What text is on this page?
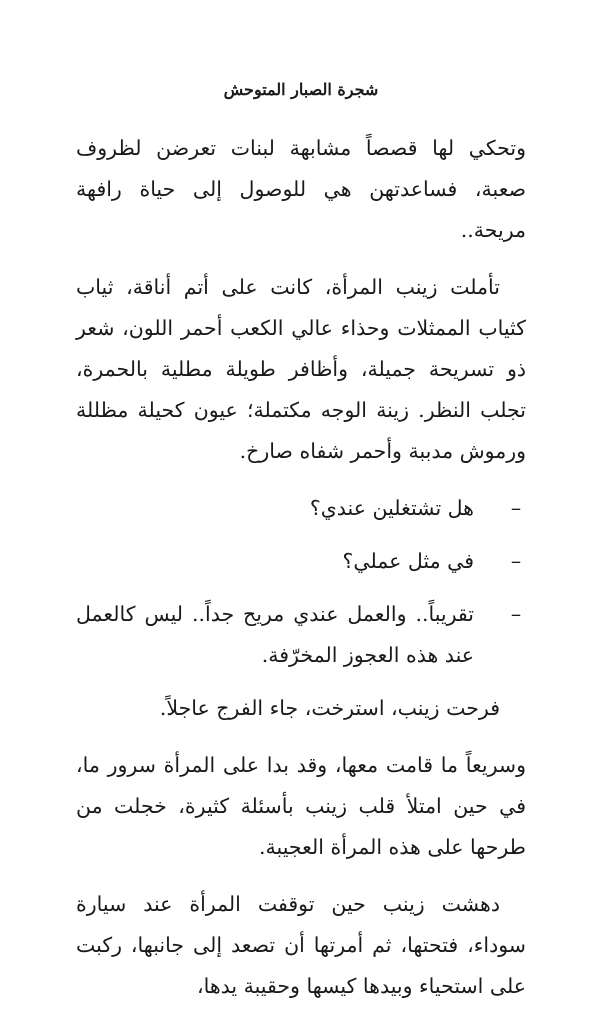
شجرة الصبار المتوحش

وتحكي لها قصصاً مشابهة لبنات تعرضن لظروف صعبة، فساعدتهن هي للوصول إلى حياة رافهة مريحة..

تأملت زينب المرأة، كانت على أتم أناقة، ثياب كثياب الممثلات وحذاء عالي الكعب أحمر اللون، شعر ذو تسريحة جميلة، وأظافر طويلة مطلية بالحمرة، تجلب النظر. زينة الوجه مكتملة؛ عيون كحيلة مظللة ورموش مدببة وأحمر شفاه صارخ.

–
هل تشتغلين عندي؟
–
في مثل عملي؟
–
تقريباً.. والعمل عندي مريح جداً.. ليس كالعمل عند هذه العجوز المخرّفة.

فرحت زينب، استرخت، جاء الفرج عاجلاً.

وسريعاً ما قامت معها، وقد بدا على المرأة سرور ما، في حين امتلأ قلب زينب بأسئلة كثيرة، خجلت من طرحها على هذه المرأة العجيبة.

دهشت زينب حين توقفت المرأة عند سيارة سوداء، فتحتها، ثم أمرتها أن تصعد إلى جانبها، ركبت على استحياء وبيدها كيسها وحقيبة يدها،
